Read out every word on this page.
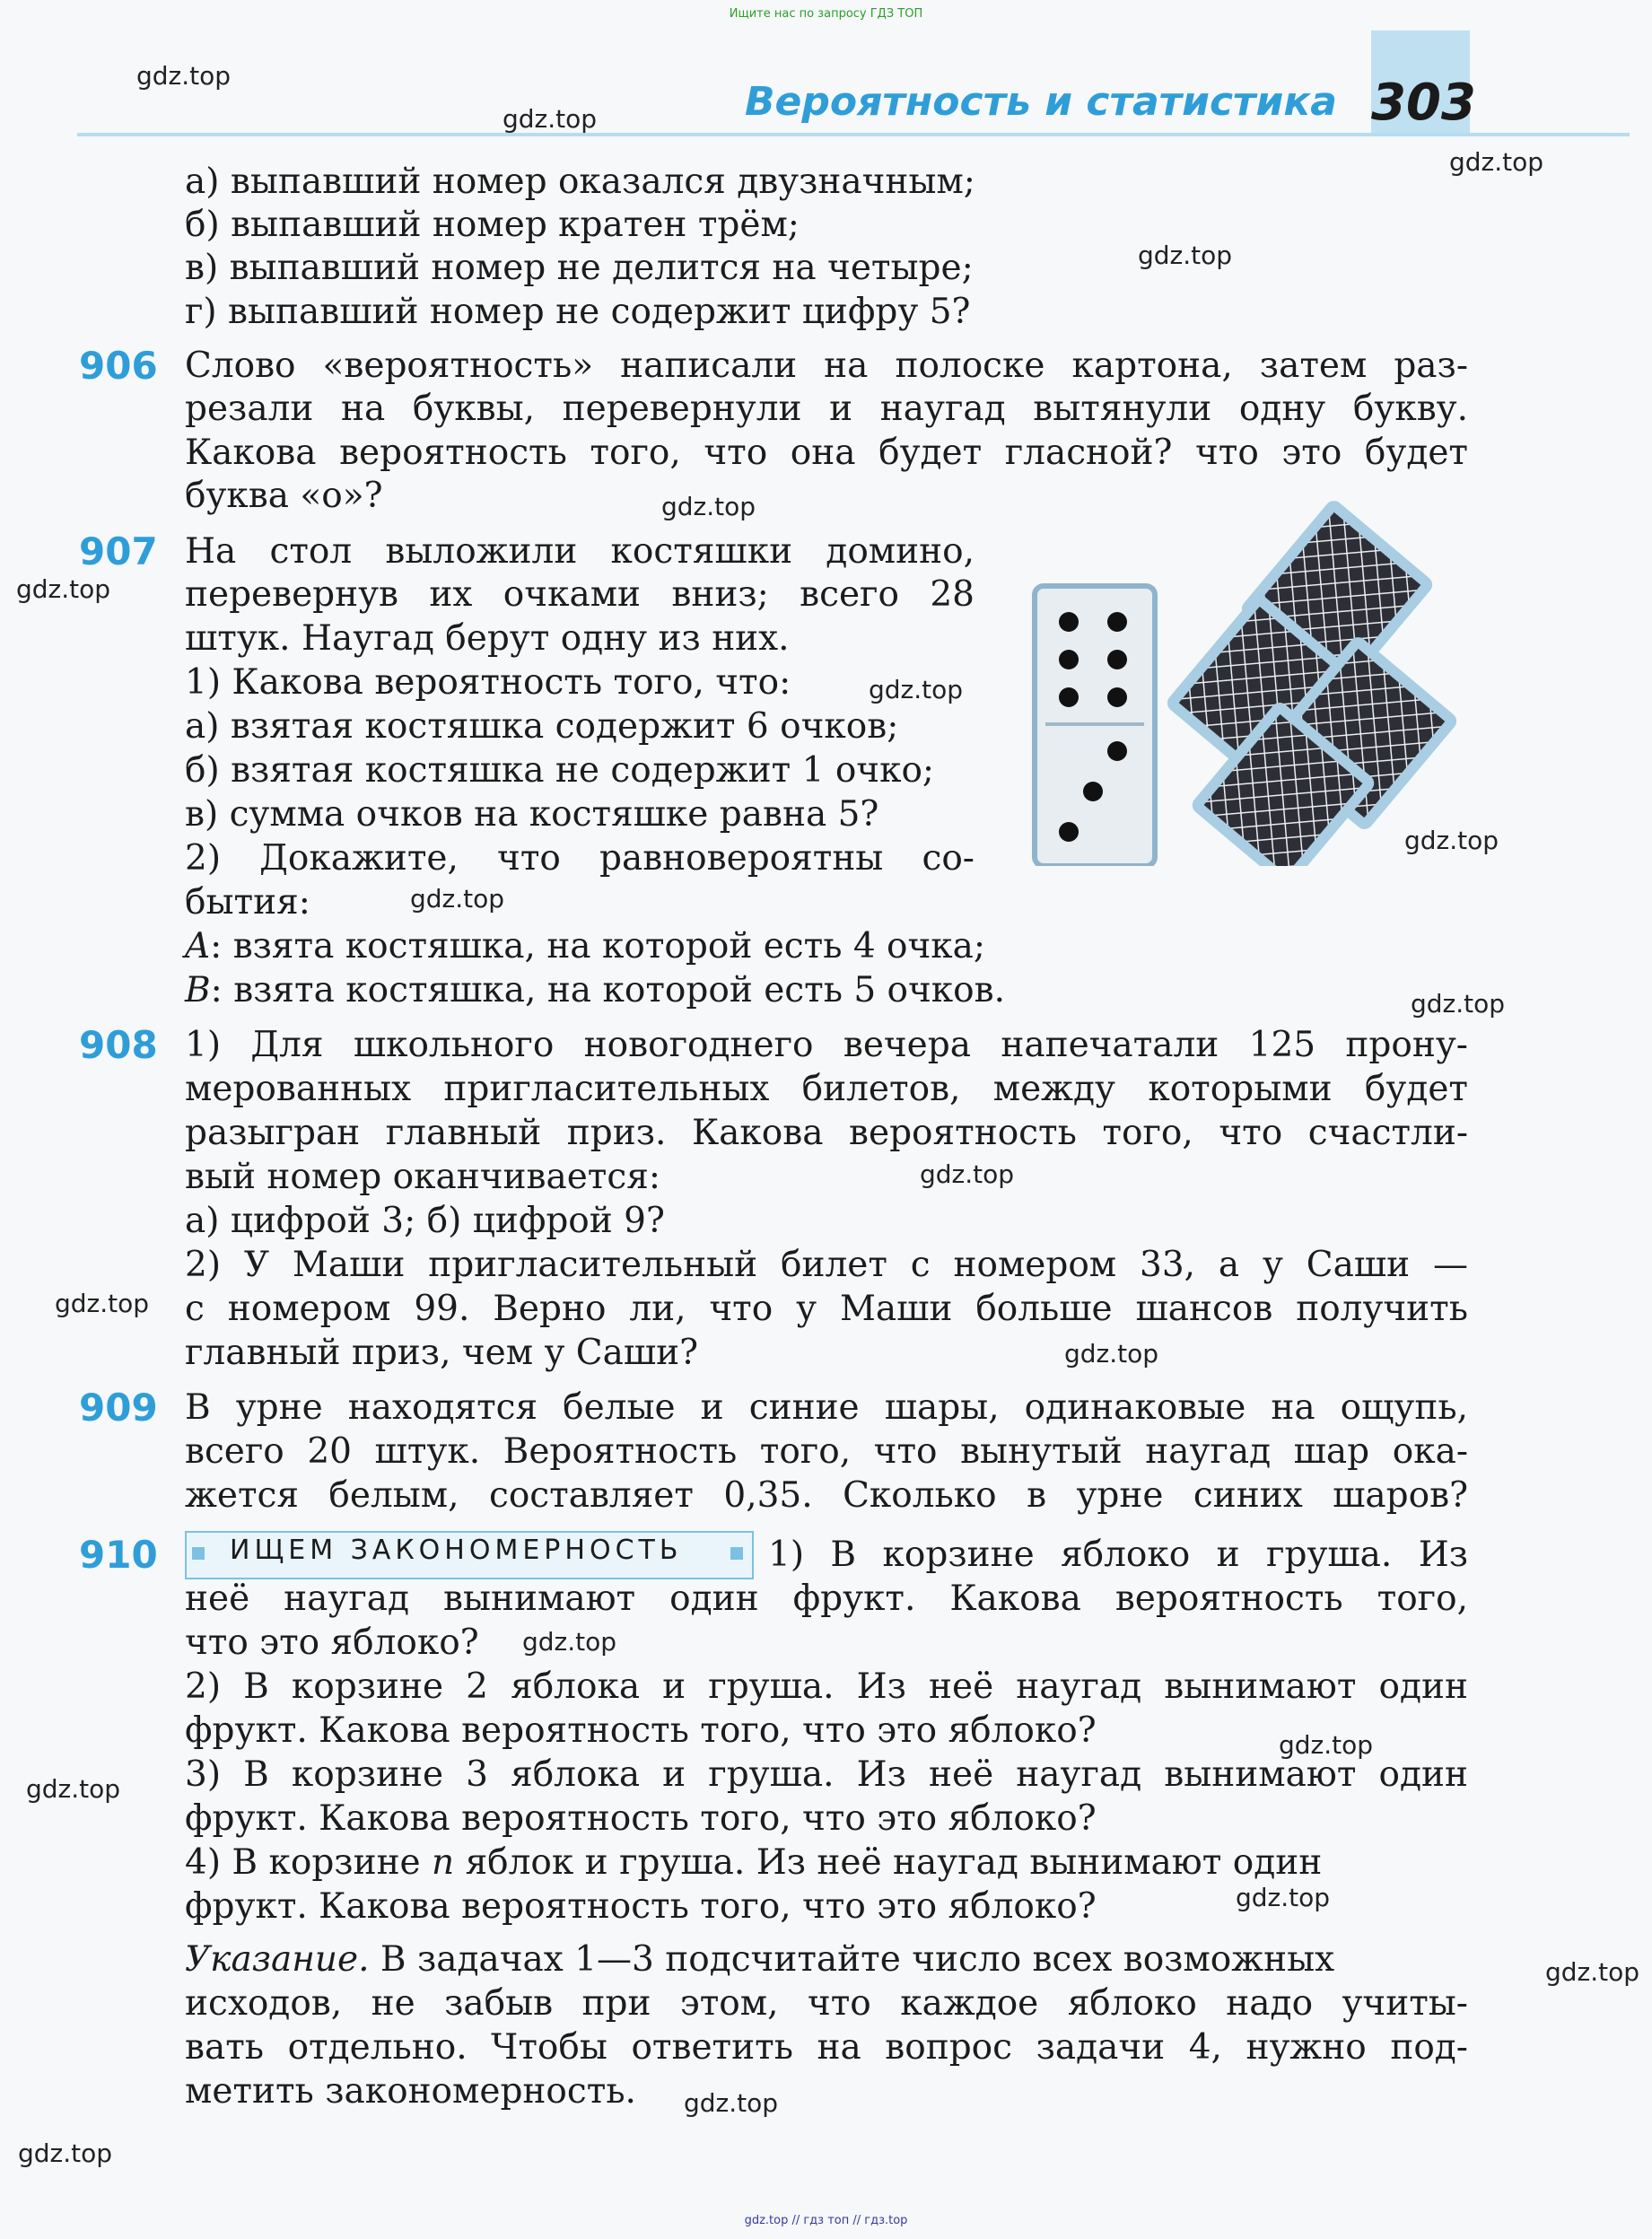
Ищите нас по запросу ГДЗ ТОП
303
Вероятность и статистика
gdz.top
gdz.top
gdz.top
gdz.top
gdz.top
gdz.top
gdz.top
gdz.top
gdz.top
gdz.top
gdz.top
gdz.top
gdz.top
gdz.top
gdz.top
gdz.top
gdz.top
gdz.top
gdz.top
gdz.top
а) выпавший номер оказался двузначным;
б) выпавший номер кратен трём;
в) выпавший номер не делится на четыре;
г) выпавший номер не содержит цифру 5?
906 Слово «вероятность» написали на полоске картона, затем раз-
резали на буквы, перевернули и наугад вытянули одну букву.
Какова вероятность того, что она будет гласной? что это будет
буква «о»?
907 На стол выложили костяшки домино,
перевернув их очками вниз; всего 28
штук. Наугад берут одну из них.
1) Какова вероятность того, что:
а) взятая костяшка содержит 6 очков;
б) взятая костяшка не содержит 1 очко;
в) сумма очков на костяшке равна 5?
2) Докажите, что равновероятны со-
бытия:
A: взята костяшка, на которой есть 4 очка;
B: взята костяшка, на которой есть 5 очков.
908 1) Для школьного новогоднего вечера напечатали 125 прону-
мерованных пригласительных билетов, между которыми будет
разыгран главный приз. Какова вероятность того, что счастли-
вый номер оканчивается:
а) цифрой 3; б) цифрой 9?
2) У Маши пригласительный билет с номером 33, а у Саши —
с номером 99. Верно ли, что у Маши больше шансов получить
главный приз, чем у Саши?
909 В урне находятся белые и синие шары, одинаковые на ощупь,
всего 20 штук. Вероятность того, что вынутый наугад шар ока-
жется белым, составляет 0,35. Сколько в урне синих шаров?
910	ИЩЕМ ЗАКОНОМЕРНОСТЬ 1) В корзине яблоко и груша. Из
неё наугад вынимают один фрукт. Какова вероятность того,
что это яблоко?
2) В корзине 2 яблока и груша. Из неё наугад вынимают один
фрукт. Какова вероятность того, что это яблоко?
3) В корзине 3 яблока и груша. Из неё наугад вынимают один
фрукт. Какова вероятность того, что это яблоко?
4) В корзине n яблок и груша. Из неё наугад вынимают один
фрукт. Какова вероятность того, что это яблоко?
Указание. В задачах 1—3 подсчитайте число всех возможных
исходов, не забыв при этом, что каждое яблоко надо учиты-
вать отдельно. Чтобы ответить на вопрос задачи 4, нужно под-
метить закономерность.
gdz.top // гдз топ // гдз.top
